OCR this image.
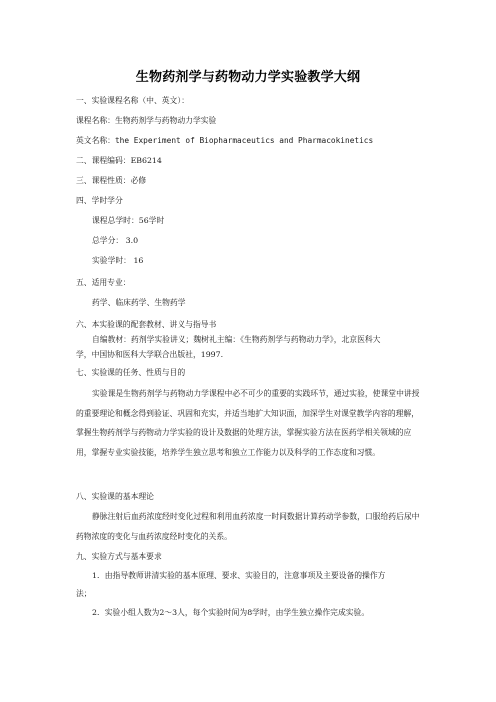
生物药剂学与药物动力学实验教学大纲
一、实验课程名称（中、英文）：
课程名称：生物药剂学与药物动力学实验
英文名称：the Experiment of Biopharmaceutics and Pharmacokinetics
二、课程编码：EB6214
三、课程性质：必修
四、学时学分
课程总学时：56学时
总学分： 3.0
实验学时： 16
五、适用专业：
药学、临床药学、生物药学
六、本实验课的配套教材、讲义与指导书
自编教材：药剂学实验讲义；魏树礼主编：《生物药剂学与药物动力学》，北京医科大
学，中国协和医科大学联合出版社，1997.
七、实验课的任务、性质与目的
实验课是生物药剂学与药物动力学课程中必不可少的重要的实践环节，通过实验，使课堂中讲授的重要理论和概念得到验证、巩固和充实，并适当地扩大知识面，加深学生对课堂教学内容的理解，掌握生物药剂学与药物动力学实验的设计及数据的处理方法，掌握实验方法在医药学相关领域的应用，掌握专业实验技能，培养学生独立思考和独立工作能力以及科学的工作态度和习惯。
八、实验课的基本理论
静脉注射后血药浓度经时变化过程和利用血药浓度一时间数据计算药动学参数，口服给药后尿中药物浓度的变化与血药浓度经时变化的关系。
九、实验方式与基本要求
1．由指导教师讲清实验的基本原理、要求、实验目的，注意事项及主要设备的操作方
法；
2．实验小组人数为2～3人，每个实验时间为8学时，由学生独立操作完成实验。
